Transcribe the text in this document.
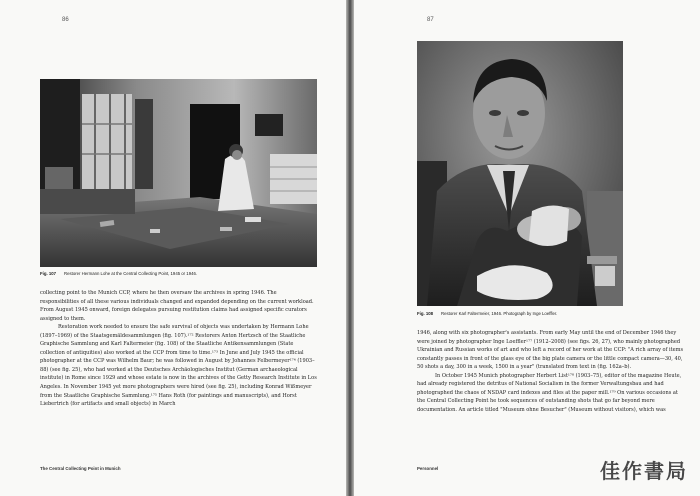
86
Fig. 107 Restorer Hermann Lohe at the Central Collecting Point, 1945 or 1946.

collecting point to the Munich CCP, where he then oversaw the archives in spring 1946. The responsibilities of all these various individuals changed and expanded depending on the current workload. From August 1945 onward, foreign delegates pursuing restitution claims had assigned specific curators assigned to them.

Restoration work needed to ensure the safe survival of objects was undertaken by Hermann Lohe (1897–1969) of the Staatsgemäldesammlungen (fig. 107).¹⁷² Restorers Anton Hertzsch of the Staatliche Graphische Sammlung and Karl Faltermeier (fig. 108) of the Staatliche Antikensammlungen (State collection of antiquities) also worked at the CCP from time to time.¹⁷³ In June and July 1945 the official photographer at the CCP was Wilhelm Baur; he was followed in August by Johannes Felbermeyer¹⁷⁴ (1903–88) (see fig. 25), who had worked at the Deutsches Archäologisches Institut (German archaeological institute) in Rome since 1929 and whose estate is now in the archives of the Getty Research Institute in Los Angeles. In November 1945 yet more photographers were hired (see fig. 25), including Konrad Wißmeyer from the Staatliche Graphische Sammlung.¹⁷⁵ Hans Roth (for paintings and manuscripts), and Horst Liebertrich (for artifacts and small objects) in March

The Central Collecting Point in Munich
87
Fig. 108 Restorer Karl Faltermeier, 1946. Photograph by Inge Loeffler.

1946, along with six photographer's assistants. From early May until the end of December 1946 they were joined by photographer Inge Loeffler¹⁷⁷ (1912–2008) (see figs. 26, 27), who mainly photographed Ukrainian and Russian works of art and who left a record of her work at the CCP: "A rich array of items constantly passes in front of the glass eye of the big plate camera or the little compact camera—30, 40, 50 shots a day, 300 in a week, 1500 in a year" (translated from text in (fig. 162a–b).

In October 1945 Munich photographer Herbert List¹⁷⁸ (1903–75), editor of the magazine Heute, had already registered the detritus of National Socialism in the former Verwaltungsbau and had photographed the chaos of NSDAP card indexes and files at the paper mill.¹⁷⁹ On various occasions at the Central Collecting Point he took sequences of outstanding shots that go far beyond mere documentation. An article titled "Museum ohne Besucher" (Museum without visitors), which was

Personnel	佳作書局
